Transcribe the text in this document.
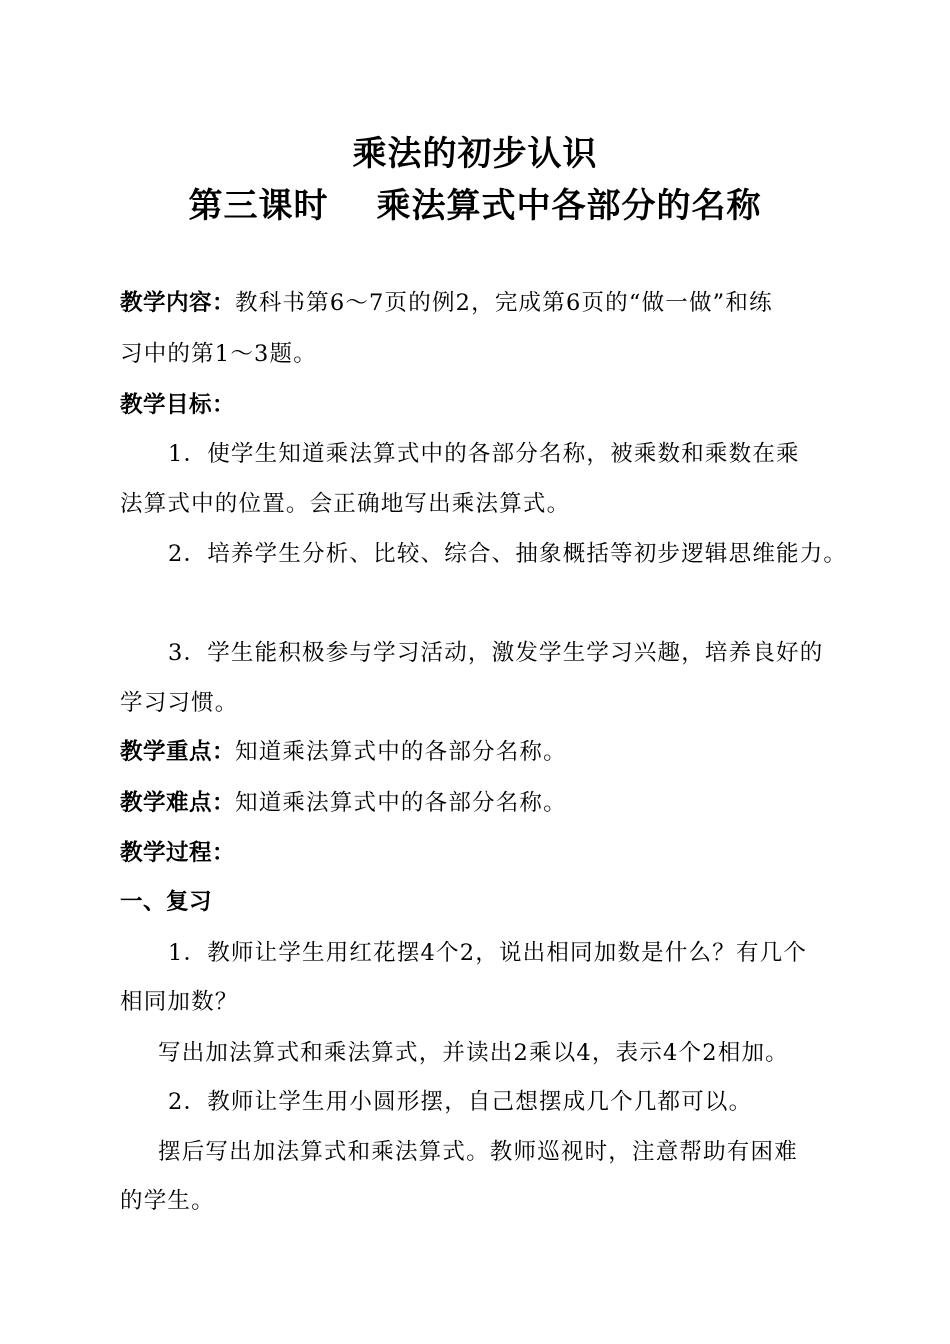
乘法的初步认识
第三课时 乘法算式中各部分的名称
教学内容：教科书第6～7页的例2，完成第6页的“做一做”和练
习中的第1～3题。
教学目标：
1．使学生知道乘法算式中的各部分名称，被乘数和乘数在乘
法算式中的位置。会正确地写出乘法算式。
2．培养学生分析、比较、综合、抽象概括等初步逻辑思维能力。
3．学生能积极参与学习活动，激发学生学习兴趣，培养良好的
学习习惯。
教学重点：知道乘法算式中的各部分名称。
教学难点：知道乘法算式中的各部分名称。
教学过程：
一、复习
1．教师让学生用红花摆4个2，说出相同加数是什么？有几个
相同加数？
写出加法算式和乘法算式，并读出2乘以4，表示4个2相加。
2．教师让学生用小圆形摆，自己想摆成几个几都可以。
摆后写出加法算式和乘法算式。教师巡视时，注意帮助有困难
的学生。
